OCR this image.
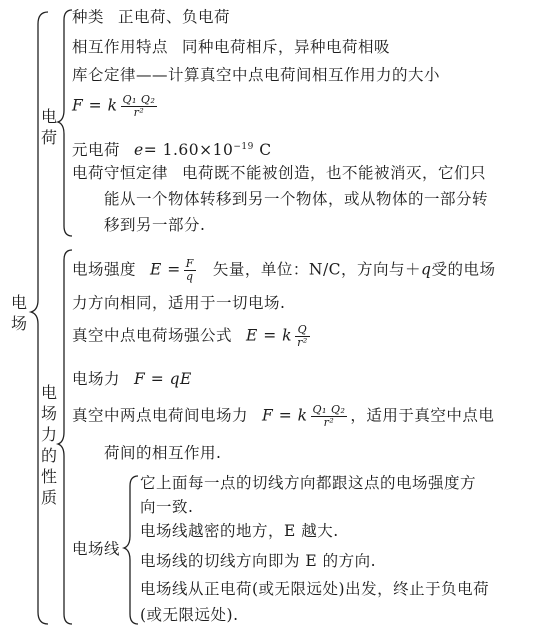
电场
电荷
电场力的性质
种类 正电荷、负电荷
相互作用特点 同种电荷相斥，异种电荷相吸
库仑定律——计算真空中点电荷间相互作用力的大小
F = k $\frac{\text{Q₁ Q₂}}{\text{r²}}$
元电荷 $e= 1.60\times 10^{-19}$ C
电荷守恒定律 电荷既不能被创造，也不能被消灭，它们只
能从一个物体转移到另一个物体，或从物体的一部分转
移到另一部分.
电场强度 $E = \frac{F}{q}$ 矢量，单位：N/C，方向与＋q受的电场
力方向相同，适用于一切电场.
真空中点电荷场强公式 E = k $\frac{Q}{\text{r²}}$
电场力 F = qE
真空中两点电荷间电场力 F = k $\frac{\text{Q₁ Q₂}}{\text{r²}}$ ，适用于真空中点电
荷间的相互作用.
电场线
它上面每一点的切线方向都跟这点的电场强度方
向一致.
电场线越密的地方，E 越大.
电场线的切线方向即为 E 的方向.
电场线从正电荷(或无限远处)出发，终止于负电荷
(或无限远处).
